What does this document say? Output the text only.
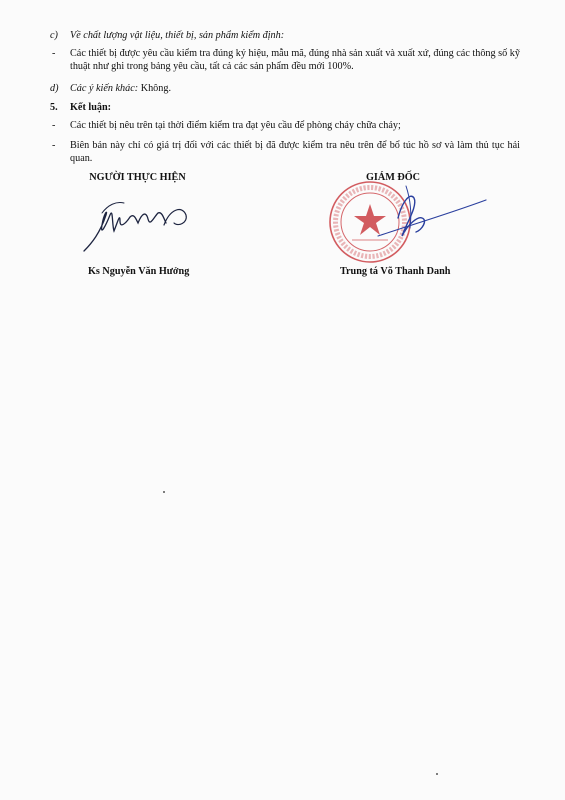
c) Về chất lượng vật liệu, thiết bị, sản phẩm kiểm định:
- Các thiết bị được yêu cầu kiểm tra đúng ký hiệu, mẫu mã, đúng nhà sản xuất và xuất xứ, đúng các thông số kỹ thuật như ghi trong bảng yêu cầu, tất cả các sản phẩm đều mới 100%.
d) Các ý kiến khác: Không.
5. Kết luận:
- Các thiết bị nêu trên tại thời điểm kiểm tra đạt yêu cầu để phòng cháy chữa cháy;
- Biên bản này chỉ có giá trị đối với các thiết bị đã được kiểm tra nêu trên để bổ túc hồ sơ và làm thủ tục hải quan.
NGƯỜI THỰC HIỆN	GIÁM ĐỐC
Ks Nguyễn Văn Hưởng	Trung tá Võ Thanh Danh
